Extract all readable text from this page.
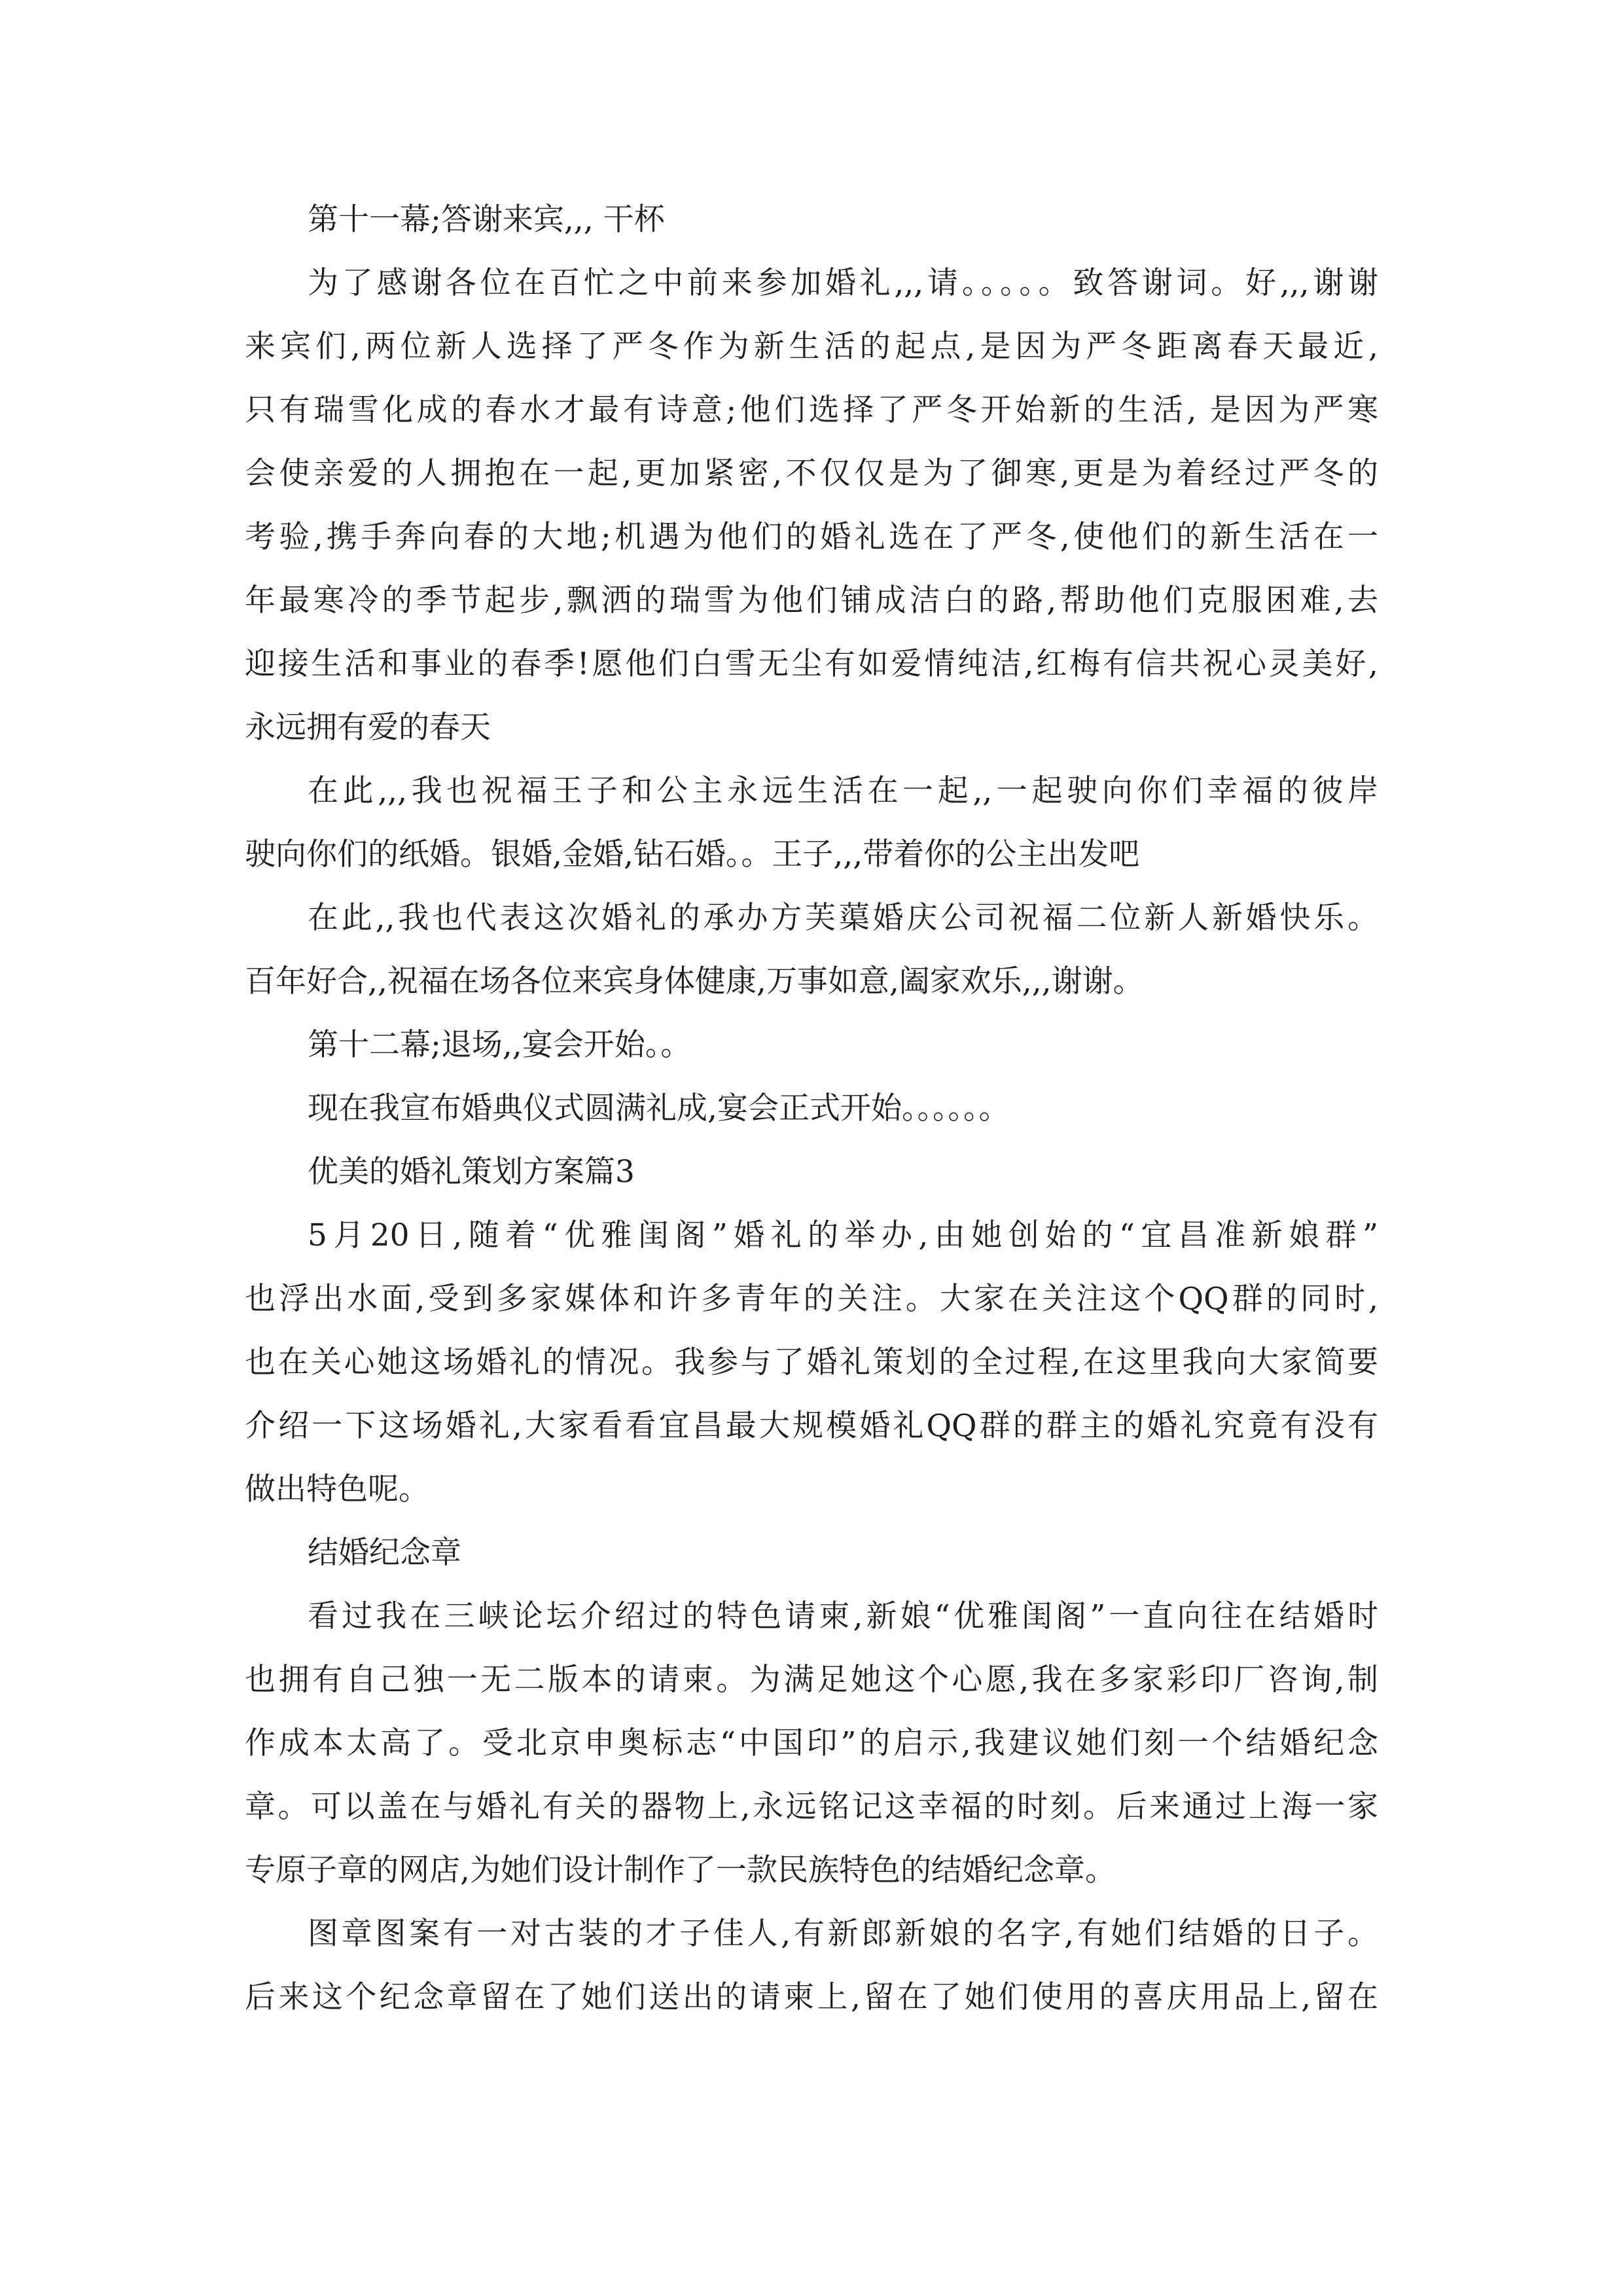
第十一幕;答谢来宾,,, 干杯
为了感谢各位在百忙之中前来参加婚礼,,,请。。。。。致答谢词。好,,,谢谢
来宾们,两位新人选择了严冬作为新生活的起点,是因为严冬距离春天最近,
只有瑞雪化成的春水才最有诗意;他们选择了严冬开始新的生活, 是因为严寒
会使亲爱的人拥抱在一起,更加紧密,不仅仅是为了御寒,更是为着经过严冬的
考验,携手奔向春的大地;机遇为他们的婚礼选在了严冬,使他们的新生活在一
年最寒冷的季节起步,飘洒的瑞雪为他们铺成洁白的路,帮助他们克服困难,去
迎接生活和事业的春季!愿他们白雪无尘有如爱情纯洁,红梅有信共祝心灵美好,
永远拥有爱的春天
在此,,,我也祝福王子和公主永远生活在一起,,一起驶向你们幸福的彼岸
驶向你们的纸婚。银婚,金婚,钻石婚。。王子,,,带着你的公主出发吧
在此,,我也代表这次婚礼的承办方芙蕖婚庆公司祝福二位新人新婚快乐。
百年好合,,祝福在场各位来宾身体健康,万事如意,阖家欢乐,,,谢谢。
第十二幕;退场,,宴会开始。。
现在我宣布婚典仪式圆满礼成,宴会正式开始。。。。。。
优美的婚礼策划方案篇3
5月20日,随着“优雅闺阁”婚礼的举办,由她创始的“宜昌准新娘群”
也浮出水面,受到多家媒体和许多青年的关注。大家在关注这个QQ群的同时,
也在关心她这场婚礼的情况。我参与了婚礼策划的全过程,在这里我向大家简要
介绍一下这场婚礼,大家看看宜昌最大规模婚礼QQ群的群主的婚礼究竟有没有
做出特色呢。
结婚纪念章
看过我在三峡论坛介绍过的特色请柬,新娘“优雅闺阁”一直向往在结婚时
也拥有自己独一无二版本的请柬。为满足她这个心愿,我在多家彩印厂咨询,制
作成本太高了。受北京申奥标志“中国印”的启示,我建议她们刻一个结婚纪念
章。可以盖在与婚礼有关的器物上,永远铭记这幸福的时刻。后来通过上海一家
专原子章的网店,为她们设计制作了一款民族特色的结婚纪念章。
图章图案有一对古装的才子佳人,有新郎新娘的名字,有她们结婚的日子。
后来这个纪念章留在了她们送出的请柬上,留在了她们使用的喜庆用品上,留在
